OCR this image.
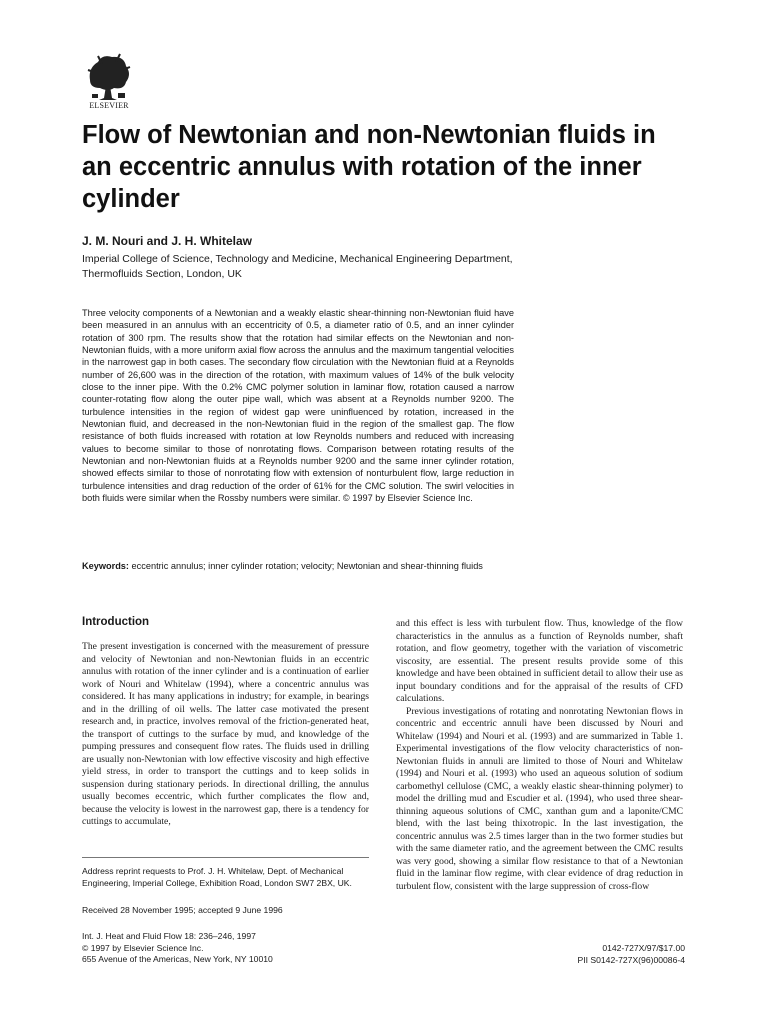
ELSEVIER
Flow of Newtonian and non-Newtonian fluids in an eccentric annulus with rotation of the inner cylinder
J. M. Nouri and J. H. Whitelaw
Imperial College of Science, Technology and Medicine, Mechanical Engineering Department,
Thermofluids Section, London, UK

Three velocity components of a Newtonian and a weakly elastic shear-thinning non-Newtonian fluid have been measured in an annulus with an eccentricity of 0.5, a diameter ratio of 0.5, and an inner cylinder rotation of 300 rpm. The results show that the rotation had similar effects on the Newtonian and non-Newtonian fluids, with a more uniform axial flow across the annulus and the maximum tangential velocities in the narrowest gap in both cases. The secondary flow circulation with the Newtonian fluid at a Reynolds number of 26,600 was in the direction of the rotation, with maximum values of 14% of the bulk velocity close to the inner pipe. With the 0.2% CMC polymer solution in laminar flow, rotation caused a narrow counter-rotating flow along the outer pipe wall, which was absent at a Reynolds number 9200. The turbulence intensities in the region of widest gap were uninfluenced by rotation, increased in the Newtonian fluid, and decreased in the non-Newtonian fluid in the region of the smallest gap. The flow resistance of both fluids increased with rotation at low Reynolds numbers and reduced with increasing values to become similar to those of nonrotating flows. Comparison between rotating results of the Newtonian and non-Newtonian fluids at a Reynolds number 9200 and the same inner cylinder rotation, showed effects similar to those of nonrotating flow with extension of nonturbulent flow, large reduction in turbulence intensities and drag reduction of the order of 61% for the CMC solution. The swirl velocities in both fluids were similar when the Rossby numbers were similar. © 1997 by Elsevier Science Inc.

Keywords: eccentric annulus; inner cylinder rotation; velocity; Newtonian and shear-thinning fluids
Introduction

The present investigation is concerned with the measurement of pressure and velocity of Newtonian and non-Newtonian fluids in an eccentric annulus with rotation of the inner cylinder and is a continuation of earlier work of Nouri and Whitelaw (1994), where a concentric annulus was considered. It has many applications in industry; for example, in bearings and in the drilling of oil wells. The latter case motivated the present research and, in practice, involves removal of the friction-generated heat, the transport of cuttings to the surface by mud, and knowledge of the pumping pressures and consequent flow rates. The fluids used in drilling are usually non-Newtonian with low effective viscosity and high effective yield stress, in order to transport the cuttings and to keep solids in suspension during stationary periods. In directional drilling, the annulus usually becomes eccentric, which further complicates the flow and, because the velocity is lowest in the narrowest gap, there is a tendency for cuttings to accumulate,

and this effect is less with turbulent flow. Thus, knowledge of the flow characteristics in the annulus as a function of Reynolds number, shaft rotation, and flow geometry, together with the variation of viscometric viscosity, are essential. The present results provide some of this knowledge and have been obtained in sufficient detail to allow their use as input boundary conditions and for the appraisal of the results of CFD calculations.

Previous investigations of rotating and nonrotating Newtonian flows in concentric and eccentric annuli have been discussed by Nouri and Whitelaw (1994) and Nouri et al. (1993) and are summarized in Table 1. Experimental investigations of the flow velocity characteristics of non-Newtonian fluids in annuli are limited to those of Nouri and Whitelaw (1994) and Nouri et al. (1993) who used an aqueous solution of sodium carbomethyl cellulose (CMC, a weakly elastic shear-thinning polymer) to model the drilling mud and Escudier et al. (1994), who used three shear-thinning aqueous solutions of CMC, xanthan gum and a laponite/CMC blend, with the last being thixotropic. In the last investigation, the concentric annulus was 2.5 times larger than in the two former studies but with the same diameter ratio, and the agreement between the CMC results was very good, showing a similar flow resistance to that of a Newtonian fluid in the laminar flow regime, with clear evidence of drag reduction in turbulent flow, consistent with the large suppression of cross-flow

Address reprint requests to Prof. J. H. Whitelaw, Dept. of Mechanical Engineering, Imperial College, Exhibition Road, London SW7 2BX, UK.
Received 28 November 1995; accepted 9 June 1996
Int. J. Heat and Fluid Flow 18: 236–246, 1997
© 1997 by Elsevier Science Inc.
655 Avenue of the Americas, New York, NY 10010
0142-727X/97/$17.00
PII S0142-727X(96)00086-4
